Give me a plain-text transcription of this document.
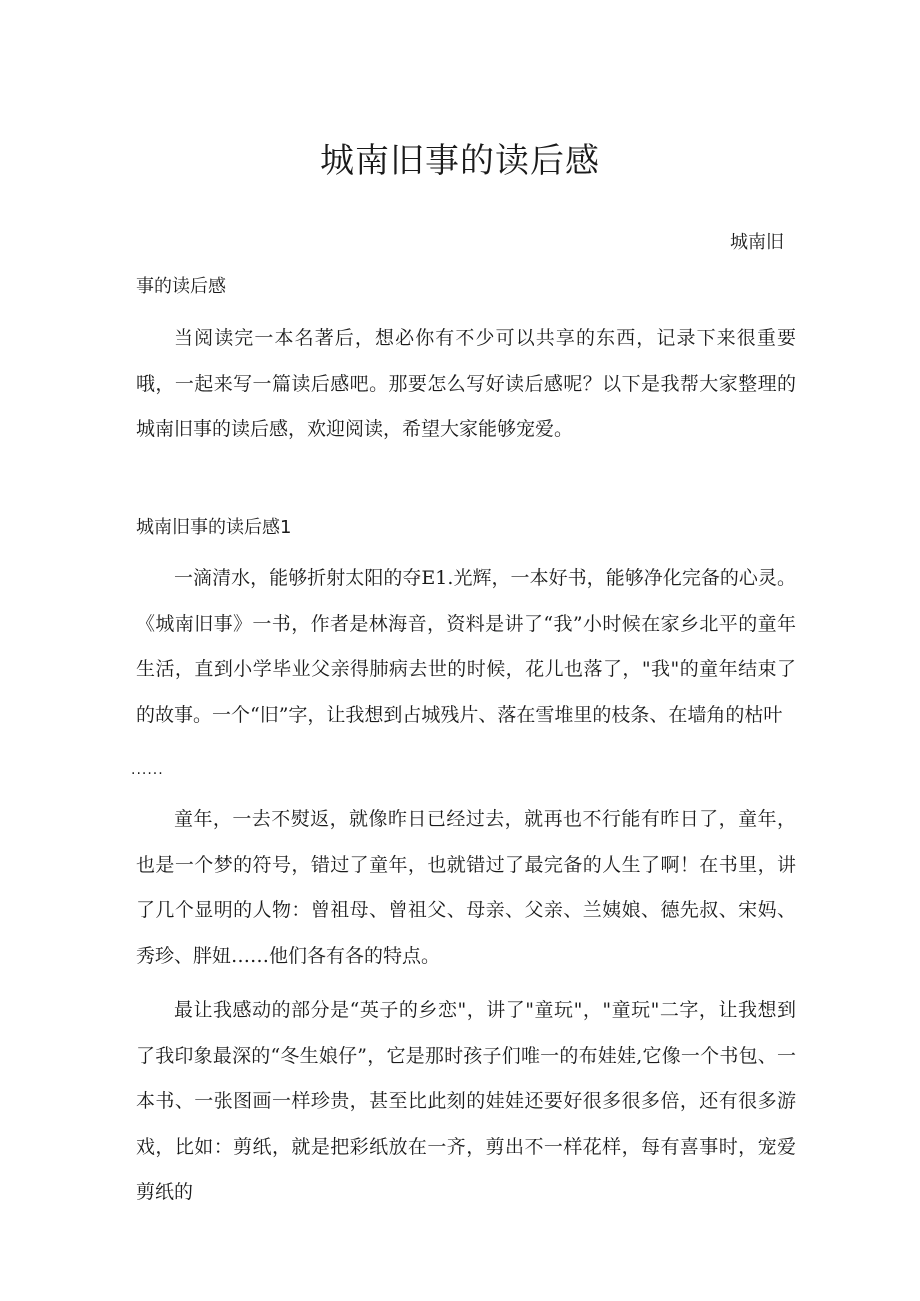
城南旧事的读后感
城南旧
事的读后感

当阅读完一本名著后，想必你有不少可以共享的东西，记录下来很重要哦，一起来写一篇读后感吧。那要怎么写好读后感呢？以下是我帮大家整理的城南旧事的读后感，欢迎阅读，希望大家能够宠爱。

城南旧事的读后感1

一滴清水，能够折射太阳的夺E1.光辉，一本好书，能够净化完备的心灵。《城南旧事》一书，作者是林海音，资料是讲了“我”小时候在家乡北平的童年生活，直到小学毕业父亲得肺病去世的时候，花儿也落了，"我"的童年结束了的故事。一个“旧”字，让我想到占城残片、落在雪堆里的枝条、在墙角的枯叶

......

童年，一去不熨返，就像昨日已经过去，就再也不行能有昨日了，童年，也是一个梦的符号，错过了童年，也就错过了最完备的人生了啊！在书里，讲了几个显明的人物：曾祖母、曾祖父、母亲、父亲、兰姨娘、德先叔、宋妈、秀珍、胖妞……他们各有各的特点。

最让我感动的部分是“英子的乡恋"，讲了"童玩"，"童玩"二字，让我想到了我印象最深的“冬生娘仔”，它是那时孩子们唯一的布娃娃,它像一个书包、一本书、一张图画一样珍贵，甚至比此刻的娃娃还要好很多很多倍，还有很多游戏，比如：剪纸，就是把彩纸放在一齐，剪出不一样花样，每有喜事时，宠爱剪纸的
